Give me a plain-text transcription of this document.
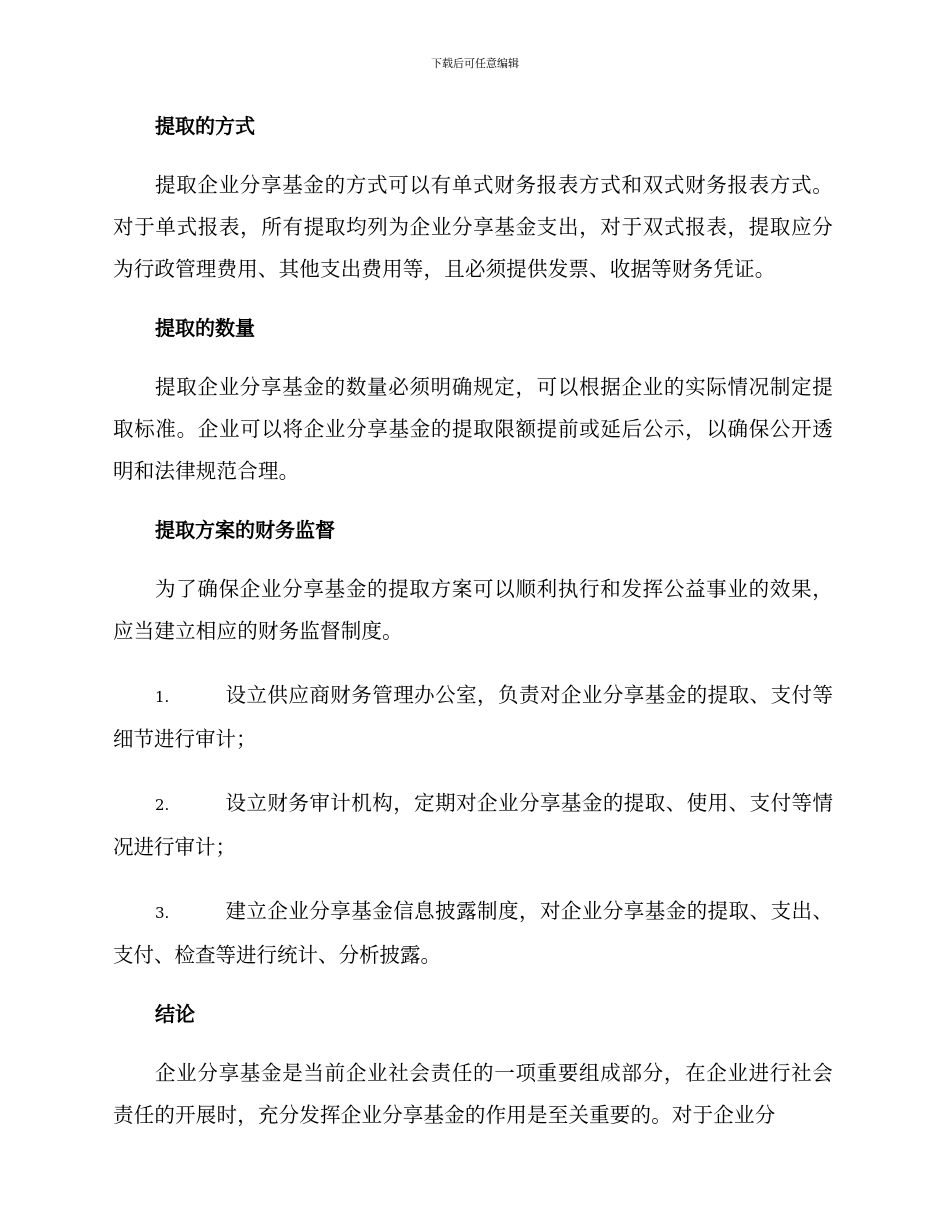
下载后可任意编辑
提取的方式

提取企业分享基金的方式可以有单式财务报表方式和双式财务报表方式。对于单式报表，所有提取均列为企业分享基金支出，对于双式报表，提取应分为行政管理费用、其他支出费用等，且必须提供发票、收据等财务凭证。

提取的数量

提取企业分享基金的数量必须明确规定，可以根据企业的实际情况制定提取标准。企业可以将企业分享基金的提取限额提前或延后公示，以确保公开透明和法律规范合理。

提取方案的财务监督

为了确保企业分享基金的提取方案可以顺利执行和发挥公益事业的效果，应当建立相应的财务监督制度。

1.	设立供应商财务管理办公室，负责对企业分享基金的提取、支付等细节进行审计；

2.	设立财务审计机构，定期对企业分享基金的提取、使用、支付等情况进行审计；

3.	建立企业分享基金信息披露制度，对企业分享基金的提取、支出、支付、检查等进行统计、分析披露。

结论

企业分享基金是当前企业社会责任的一项重要组成部分，在企业进行社会责任的开展时，充分发挥企业分享基金的作用是至关重要的。对于企业分
